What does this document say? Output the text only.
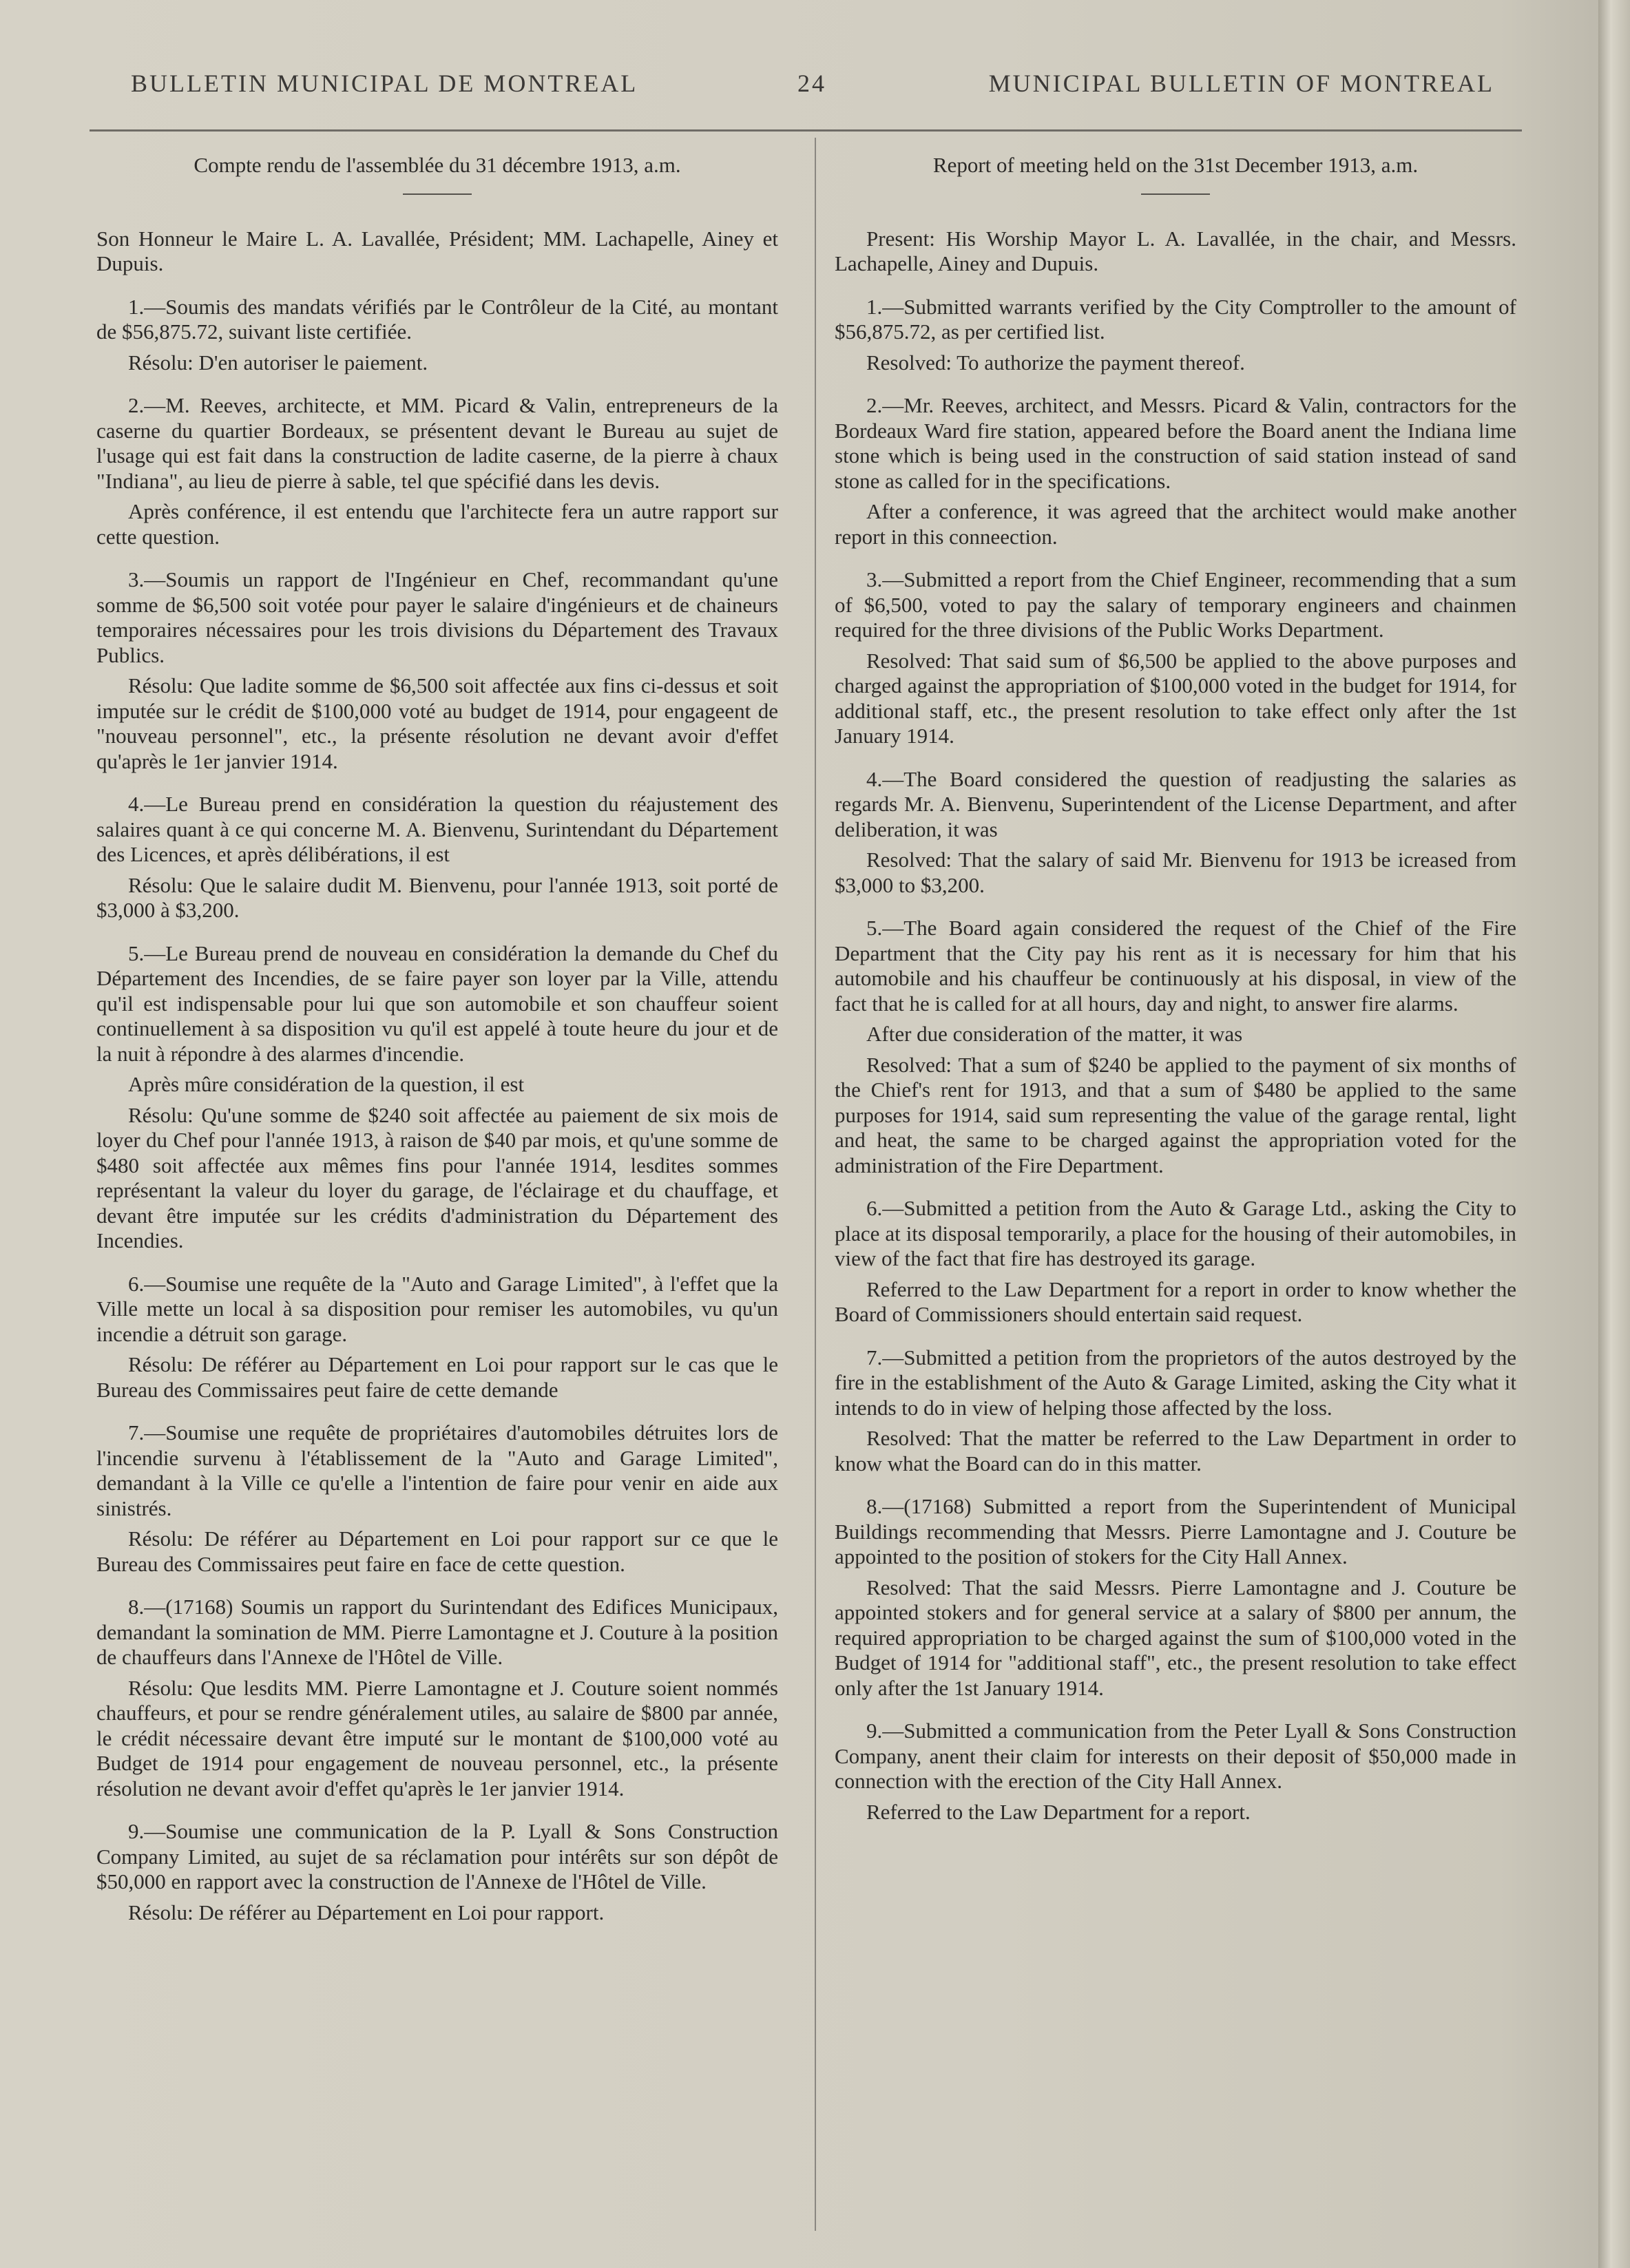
BULLETIN MUNICIPAL DE MONTREAL	24	MUNICIPAL BULLETIN OF MONTREAL

Compte rendu de l'assemblée du 31 décembre 1913, a.m.

Son Honneur le Maire L. A. Lavallée, Président; MM. Lachapelle, Ainey et Dupuis.

1.—Soumis des mandats vérifiés par le Contrôleur de la Cité, au montant de $56,875.72, suivant liste certifiée.

Résolu: D'en autoriser le paiement.

2.—M. Reeves, architecte, et MM. Picard & Valin, entrepreneurs de la caserne du quartier Bordeaux, se présentent devant le Bureau au sujet de l'usage qui est fait dans la construction de ladite caserne, de la pierre à chaux "Indiana", au lieu de pierre à sable, tel que spécifié dans les devis.

Après conférence, il est entendu que l'architecte fera un autre rapport sur cette question.

3.—Soumis un rapport de l'Ingénieur en Chef, recommandant qu'une somme de $6,500 soit votée pour payer le salaire d'ingénieurs et de chaineurs temporaires nécessaires pour les trois divisions du Département des Travaux Publics.

Résolu: Que ladite somme de $6,500 soit affectée aux fins ci-dessus et soit imputée sur le crédit de $100,000 voté au budget de 1914, pour engageent de "nouveau personnel", etc., la présente résolution ne devant avoir d'effet qu'après le 1er janvier 1914.

4.—Le Bureau prend en considération la question du réajustement des salaires quant à ce qui concerne M. A. Bienvenu, Surintendant du Département des Licences, et après délibérations, il est

Résolu: Que le salaire dudit M. Bienvenu, pour l'année 1913, soit porté de $3,000 à $3,200.

5.—Le Bureau prend de nouveau en considération la demande du Chef du Département des Incendies, de se faire payer son loyer par la Ville, attendu qu'il est indispensable pour lui que son automobile et son chauffeur soient continuellement à sa disposition vu qu'il est appelé à toute heure du jour et de la nuit à répondre à des alarmes d'incendie.

Après mûre considération de la question, il est

Résolu: Qu'une somme de $240 soit affectée au paiement de six mois de loyer du Chef pour l'année 1913, à raison de $40 par mois, et qu'une somme de $480 soit affectée aux mêmes fins pour l'année 1914, lesdites sommes représentant la valeur du loyer du garage, de l'éclairage et du chauffage, et devant être imputée sur les crédits d'administration du Département des Incendies.

6.—Soumise une requête de la "Auto and Garage Limited", à l'effet que la Ville mette un local à sa disposition pour remiser les automobiles, vu qu'un incendie a détruit son garage.

Résolu: De référer au Département en Loi pour rapport sur le cas que le Bureau des Commissaires peut faire de cette demande

7.—Soumise une requête de propriétaires d'automobiles détruites lors de l'incendie survenu à l'établissement de la "Auto and Garage Limited", demandant à la Ville ce qu'elle a l'intention de faire pour venir en aide aux sinistrés.

Résolu: De référer au Département en Loi pour rapport sur ce que le Bureau des Commissaires peut faire en face de cette question.

8.—(17168) Soumis un rapport du Surintendant des Edifices Municipaux, demandant la somination de MM. Pierre Lamontagne et J. Couture à la position de chauffeurs dans l'Annexe de l'Hôtel de Ville.

Résolu: Que lesdits MM. Pierre Lamontagne et J. Couture soient nommés chauffeurs, et pour se rendre généralement utiles, au salaire de $800 par année, le crédit nécessaire devant être imputé sur le montant de $100,000 voté au Budget de 1914 pour engagement de nouveau personnel, etc., la présente résolution ne devant avoir d'effet qu'après le 1er janvier 1914.

9.—Soumise une communication de la P. Lyall & Sons Construction Company Limited, au sujet de sa réclamation pour intérêts sur son dépôt de $50,000 en rapport avec la construction de l'Annexe de l'Hôtel de Ville.

Résolu: De référer au Département en Loi pour rapport.

Report of meeting held on the 31st December 1913, a.m.

Present: His Worship Mayor L. A. Lavallée, in the chair, and Messrs. Lachapelle, Ainey and Dupuis.

1.—Submitted warrants verified by the City Comptroller to the amount of $56,875.72, as per certified list.

Resolved: To authorize the payment thereof.

2.—Mr. Reeves, architect, and Messrs. Picard & Valin, contractors for the Bordeaux Ward fire station, appeared before the Board anent the Indiana lime stone which is being used in the construction of said station instead of sand stone as called for in the specifications.

After a conference, it was agreed that the architect would make another report in this conneection.

3.—Submitted a report from the Chief Engineer, recommending that a sum of $6,500, voted to pay the salary of temporary engineers and chainmen required for the three divisions of the Public Works Department.

Resolved: That said sum of $6,500 be applied to the above purposes and charged against the appropriation of $100,000 voted in the budget for 1914, for additional staff, etc., the present resolution to take effect only after the 1st January 1914.

4.—The Board considered the question of readjusting the salaries as regards Mr. A. Bienvenu, Superintendent of the License Department, and after deliberation, it was

Resolved: That the salary of said Mr. Bienvenu for 1913 be icreased from $3,000 to $3,200.

5.—The Board again considered the request of the Chief of the Fire Department that the City pay his rent as it is necessary for him that his automobile and his chauffeur be continuously at his disposal, in view of the fact that he is called for at all hours, day and night, to answer fire alarms.

After due consideration of the matter, it was

Resolved: That a sum of $240 be applied to the payment of six months of the Chief's rent for 1913, and that a sum of $480 be applied to the same purposes for 1914, said sum representing the value of the garage rental, light and heat, the same to be charged against the appropriation voted for the administration of the Fire Department.

6.—Submitted a petition from the Auto & Garage Ltd., asking the City to place at its disposal temporarily, a place for the housing of their automobiles, in view of the fact that fire has destroyed its garage.

Referred to the Law Department for a report in order to know whether the Board of Commissioners should entertain said request.

7.—Submitted a petition from the proprietors of the autos destroyed by the fire in the establishment of the Auto & Garage Limited, asking the City what it intends to do in view of helping those affected by the loss.

Resolved: That the matter be referred to the Law Department in order to know what the Board can do in this matter.

8.—(17168) Submitted a report from the Superintendent of Municipal Buildings recommending that Messrs. Pierre Lamontagne and J. Couture be appointed to the position of stokers for the City Hall Annex.

Resolved: That the said Messrs. Pierre Lamontagne and J. Couture be appointed stokers and for general service at a salary of $800 per annum, the required appropriation to be charged against the sum of $100,000 voted in the Budget of 1914 for "additional staff", etc., the present resolution to take effect only after the 1st January 1914.

9.—Submitted a communication from the Peter Lyall & Sons Construction Company, anent their claim for interests on their deposit of $50,000 made in connection with the erection of the City Hall Annex.

Referred to the Law Department for a report.
